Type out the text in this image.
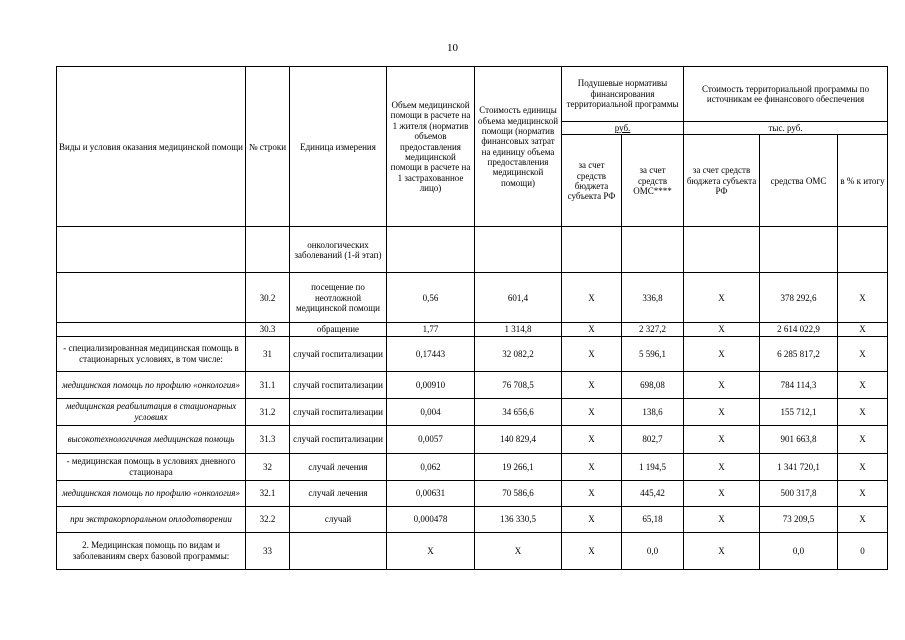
10
Виды и условия оказания медицинской помощи	№ строки	Единица измерения	Объем медицинской помощи в расчете на 1 жителя (норматив объемов предоставления медицинской помощи в расчете на 1 застрахованное лицо)	Стоимость единицы объема медицинской помощи (норматив финансовых затрат на единицу объема предоставления медицинской помощи)	Подушевые нормативы финансирования территориальной программы		Стоимость территориальной программы по источникам ее финансового обеспечения		
					руб.		тыс. руб.		
					за счет средств бюджета субъекта РФ	за счет средств ОМС****	за счет средств бюджета субъекта РФ	средства ОМС	в % к итогу
		онкологических заболеваний (1-й этап)							
	30.2	посещение по неотложной медицинской помощи	0,56	601,4	X	336,8	X	378 292,6	X
	30.3	обращение	1,77	1 314,8	X	2 327,2	X	2 614 022,9	X
- специализированная медицинская помощь в стационарных условиях, в том числе:	31	случай госпитализации	0,17443	32 082,2	X	5 596,1	X	6 285 817,2	X
медицинская помощь по профилю «онкология»	31.1	случай госпитализации	0,00910	76 708,5	X	698,08	X	784 114,3	X
медицинская реабилитация в стационарных условиях	31.2	случай госпитализации	0,004	34 656,6	X	138,6	X	155 712,1	X
высокотехнологичная медицинская помощь	31.3	случай госпитализации	0,0057	140 829,4	X	802,7	X	901 663,8	X
- медицинская помощь в условиях дневного стационара	32	случай лечения	0,062	19 266,1	X	1 194,5	X	1 341 720,1	X
медицинская помощь по профилю «онкология»	32.1	случай лечения	0,00631	70 586,6	X	445,42	X	500 317,8	X
при экстракорпоральном оплодотворении	32.2	случай	0,000478	136 330,5	X	65,18	X	73 209,5	X
2. Медицинская помощь по видам и заболеваниям сверх базовой программы:	33		X	X	X	0,0	X	0,0	0
